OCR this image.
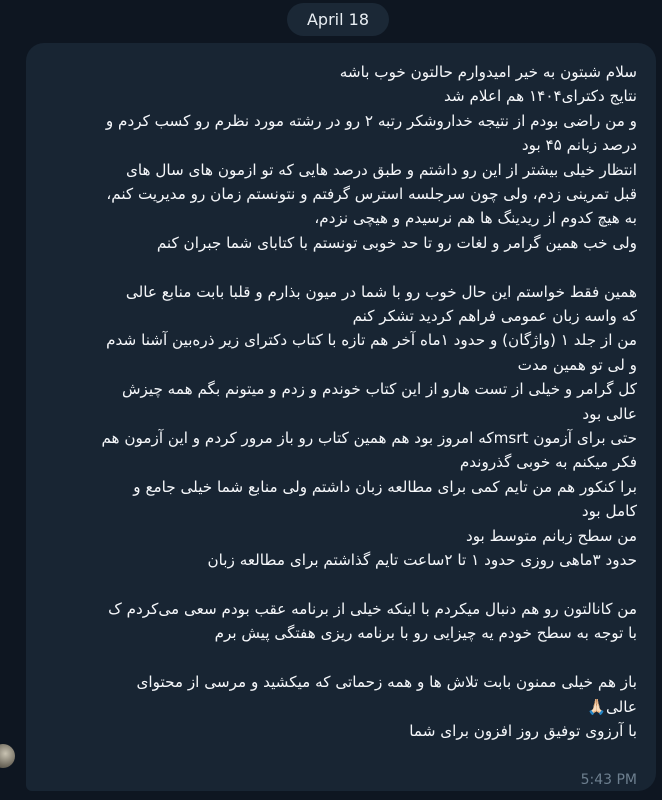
April 18
سلام شبتون به خیر امیدوارم حالتون خوب باشه
نتایج دکترای۱۴۰۴ هم اعلام شد
و من راضی بودم از نتیجه خداروشکر رتبه ۲ رو در رشته مورد نظرم رو کسب کردم و
درصد زبانم ۴۵ بود
انتظار خیلی بیشتر از این رو داشتم و طبق درصد هایی که تو ازمون های سال های
قبل تمرینی زدم، ولی چون سرجلسه استرس گرفتم و نتونستم زمان رو مدیریت کنم،
به هیچ کدوم از ریدینگ ها هم نرسیدم و هیچی نزدم،
ولی خب همین گرامر و لغات رو تا حد خوبی تونستم با کتابای شما جبران کنم
همین فقط خواستم این حال خوب رو با شما در میون بذارم و قلبا بابت منابع عالی
که واسه زبان عمومی فراهم کردید تشکر کنم
من از جلد ۱ (واژگان) و حدود ۱ماه آخر هم تازه با کتاب دکترای زیر ذره‌بین آشنا شدم
و لی تو همین مدت
کل گرامر و خیلی از تست هارو از این کتاب خوندم و زدم و میتونم بگم همه چیزش
عالی بود
حتی برای آزمون msrtکه امروز بود هم همین کتاب رو باز مرور کردم و این آزمون هم
فکر میکنم به خوبی گذروندم
برا کنکور هم من تایم کمی برای مطالعه زبان داشتم ولی منابع شما خیلی جامع و
کامل بود
من سطح زبانم متوسط بود
حدود ۳ماهی روزی حدود ۱ تا ۲ساعت تایم گذاشتم برای مطالعه زبان
من کانالتون رو هم دنبال میکردم با اینکه خیلی از برنامه عقب بودم سعی می‌کردم ک
با توجه به سطح خودم یه چیزایی رو با برنامه ریزی هفتگی پیش برم
باز هم خیلی ممنون بابت تلاش ها و همه زحماتی که میکشید و مرسی از محتوای
عالی🙏🏻
با آرزوی توفیق روز افزون برای شما
5:43 PM
